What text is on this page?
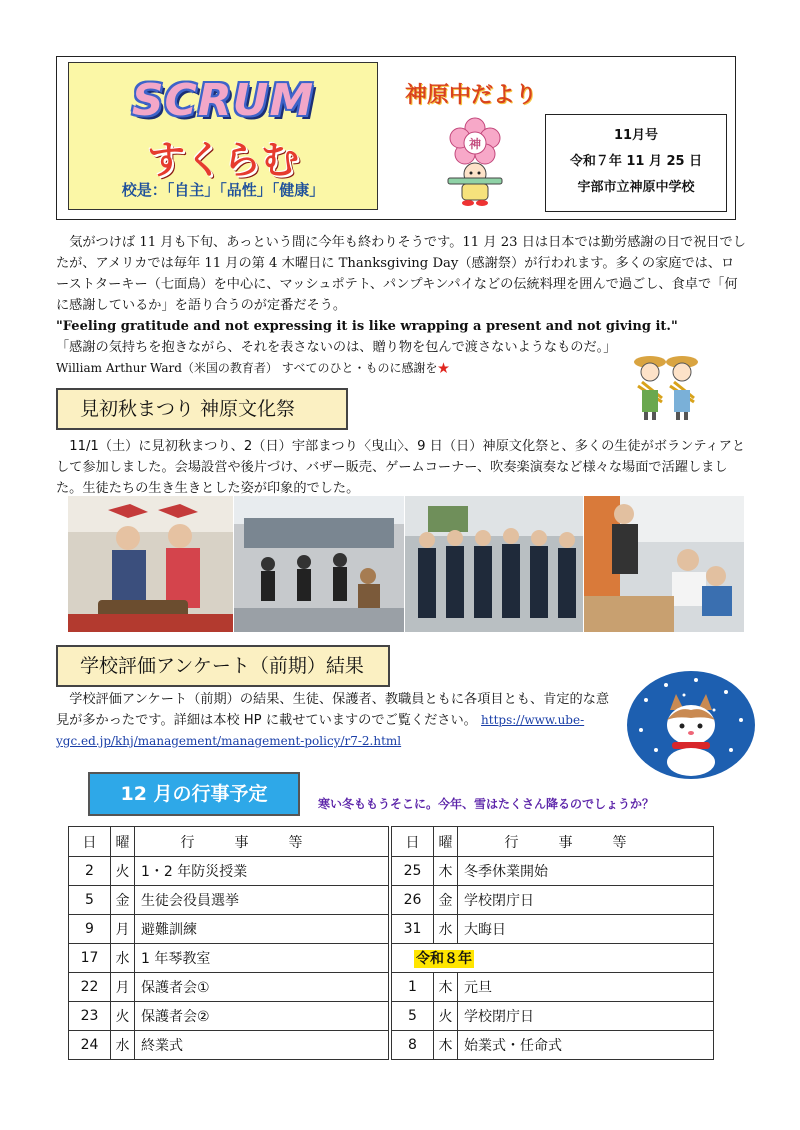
SCRUM
すくらむ
校是：「自主」「品性」「健康」
神原中だより
神
11月号
令和７年 11 月 25 日
宇部市立神原中学校

気がつけば 11 月も下旬、あっという間に今年も終わりそうです。11 月 23 日は日本では勤労感謝の日で祝日でしたが、アメリカでは毎年 11 月の第 4 木曜日に Thanksgiving Day（感謝祭）が行われます。多くの家庭では、ローストターキー（七面鳥）を中心に、マッシュポテト、パンプキンパイなどの伝統料理を囲んで過ごし、食卓で「何に感謝しているか」を語り合うのが定番だそう。

"Feeling gratitude and not expressing it is like wrapping a present and not giving it."

「感謝の気持ちを抱きながら、それを表さないのは、贈り物を包んで渡さないようなものだ。」

William Arthur Ward（米国の教育者） すべてのひと・ものに感謝を★

見初秋まつり 神原文化祭

11/1（土）に見初秋まつり、2（日）宇部まつり〈曳山〉、9 日（日）神原文化祭と、多くの生徒がボランティアとして参加しました。会場設営や後片づけ、バザー販売、ゲームコーナー、吹奏楽演奏など様々な場面で活躍しました。生徒たちの生き生きとした姿が印象的でした。

学校評価アンケート（前期）結果

学校評価アンケート（前期）の結果、生徒、保護者、教職員ともに各項目とも、肯定的な意見が多かったです。詳細は本校 HP に載せていますのでご覧ください。 https://www.ube-ygc.ed.jp/khj/management/management-policy/r7-2.html

12 月の行事予定	寒い冬ももうそこに。今年、雪はたくさん降るのでしょうか？
日	曜	行事等
2	火	1・2 年防災授業
5	金	生徒会役員選挙
9	月	避難訓練
17	水	1 年琴教室
22	月	保護者会①
23	火	保護者会②
24	水	終業式
日	曜	行事等
25	木	冬季休業開始
26	金	学校閉庁日
31	水	大晦日
令和８年		
1	木	元旦
5	火	学校閉庁日
8	木	始業式・任命式
